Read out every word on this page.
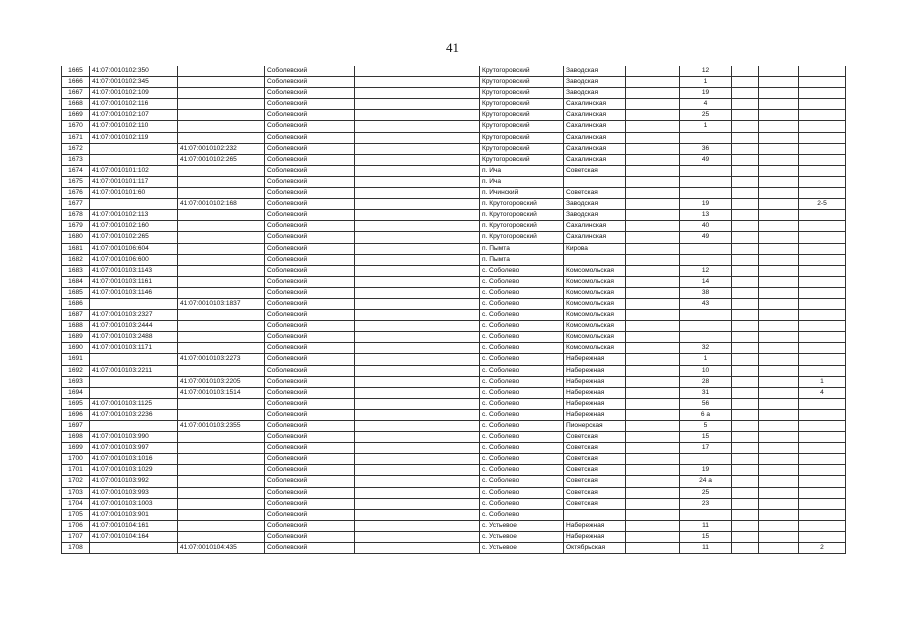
41
1665	41:07:0010102:350		Соболевский		Крутогоровский	Заводская		12			
1666	41:07:0010102:345		Соболевский		Крутогоровский	Заводская		1			
1667	41:07:0010102:109		Соболевский		Крутогоровский	Заводская		19			
1668	41:07:0010102:116		Соболевский		Крутогоровский	Сахалинская		4			
1669	41:07:0010102:107		Соболевский		Крутогоровский	Сахалинская		25			
1670	41:07:0010102:110		Соболевский		Крутогоровский	Сахалинская		1			
1671	41:07:0010102:119		Соболевский		Крутогоровский	Сахалинская					
1672		41:07:0010102:232	Соболевский		Крутогоровский	Сахалинская		36			
1673		41:07:0010102:265	Соболевский		Крутогоровский	Сахалинская		49			
1674	41:07:0010101:102		Соболевский		п. Ича	Советская					
1675	41:07:0010101:117		Соболевский		п. Ича						
1676	41:07:0010101:60		Соболевский		п. Ичинский	Советская					
1677		41:07:0010102:168	Соболевский		п. Крутогоровский	Заводская		19			2-5
1678	41:07:0010102:113		Соболевский		п. Крутогоровский	Заводская		13			
1679	41:07:0010102:160		Соболевский		п. Крутогоровский	Сахалинская		40			
1680	41:07:0010102:265		Соболевский		п. Крутогоровский	Сахалинская		49			
1681	41:07:0010106:604		Соболевский		п. Пымта	Кирова					
1682	41:07:0010106:600		Соболевский		п. Пымта						
1683	41:07:0010103:1143		Соболевский		с. Соболево	Комсомольская		12			
1684	41:07:0010103:1161		Соболевский		с. Соболево	Комсомольская		14			
1685	41:07:0010103:1146		Соболевский		с. Соболево	Комсомольская		38			
1686		41:07:0010103:1837	Соболевский		с. Соболево	Комсомольская		43			
1687	41:07:0010103:2327		Соболевский		с. Соболево	Комсомольская					
1688	41:07:0010103:2444		Соболевский		с. Соболево	Комсомольская					
1689	41:07:0010103:2488		Соболевский		с. Соболево	Комсомольская					
1690	41:07:0010103:1171		Соболевский		с. Соболево	Комсомольская		32			
1691		41:07:0010103:2273	Соболевский		с. Соболево	Набережная		1			
1692	41:07:0010103:2211		Соболевский		с. Соболево	Набережная		10			
1693		41:07:0010103:2205	Соболевский		с. Соболево	Набережная		28			1
1694		41:07:0010103:1514	Соболевский		с. Соболево	Набережная		31			4
1695	41:07:0010103:1125		Соболевский		с. Соболево	Набережная		56			
1696	41:07:0010103:2236		Соболевский		с. Соболево	Набережная		6 а			
1697		41:07:0010103:2355	Соболевский		с. Соболево	Пионерская		5			
1698	41:07:0010103:990		Соболевский		с. Соболево	Советская		15			
1699	41:07:0010103:997		Соболевский		с. Соболево	Советская		17			
1700	41:07:0010103:1016		Соболевский		с. Соболево	Советская					
1701	41:07:0010103:1029		Соболевский		с. Соболево	Советская		19			
1702	41:07:0010103:992		Соболевский		с. Соболево	Советская		24 а			
1703	41:07:0010103:993		Соболевский		с. Соболево	Советская		25			
1704	41:07:0010103:1003		Соболевский		с. Соболево	Советская		23			
1705	41:07:0010103:901		Соболевский		с. Соболево						
1706	41:07:0010104:161		Соболевский		с. Устьевое	Набережная		11			
1707	41:07:0010104:164		Соболевский		с. Устьевое	Набережная		15			
1708		41:07:0010104:435	Соболевский		с. Устьевое	Октябрьская		11			2
